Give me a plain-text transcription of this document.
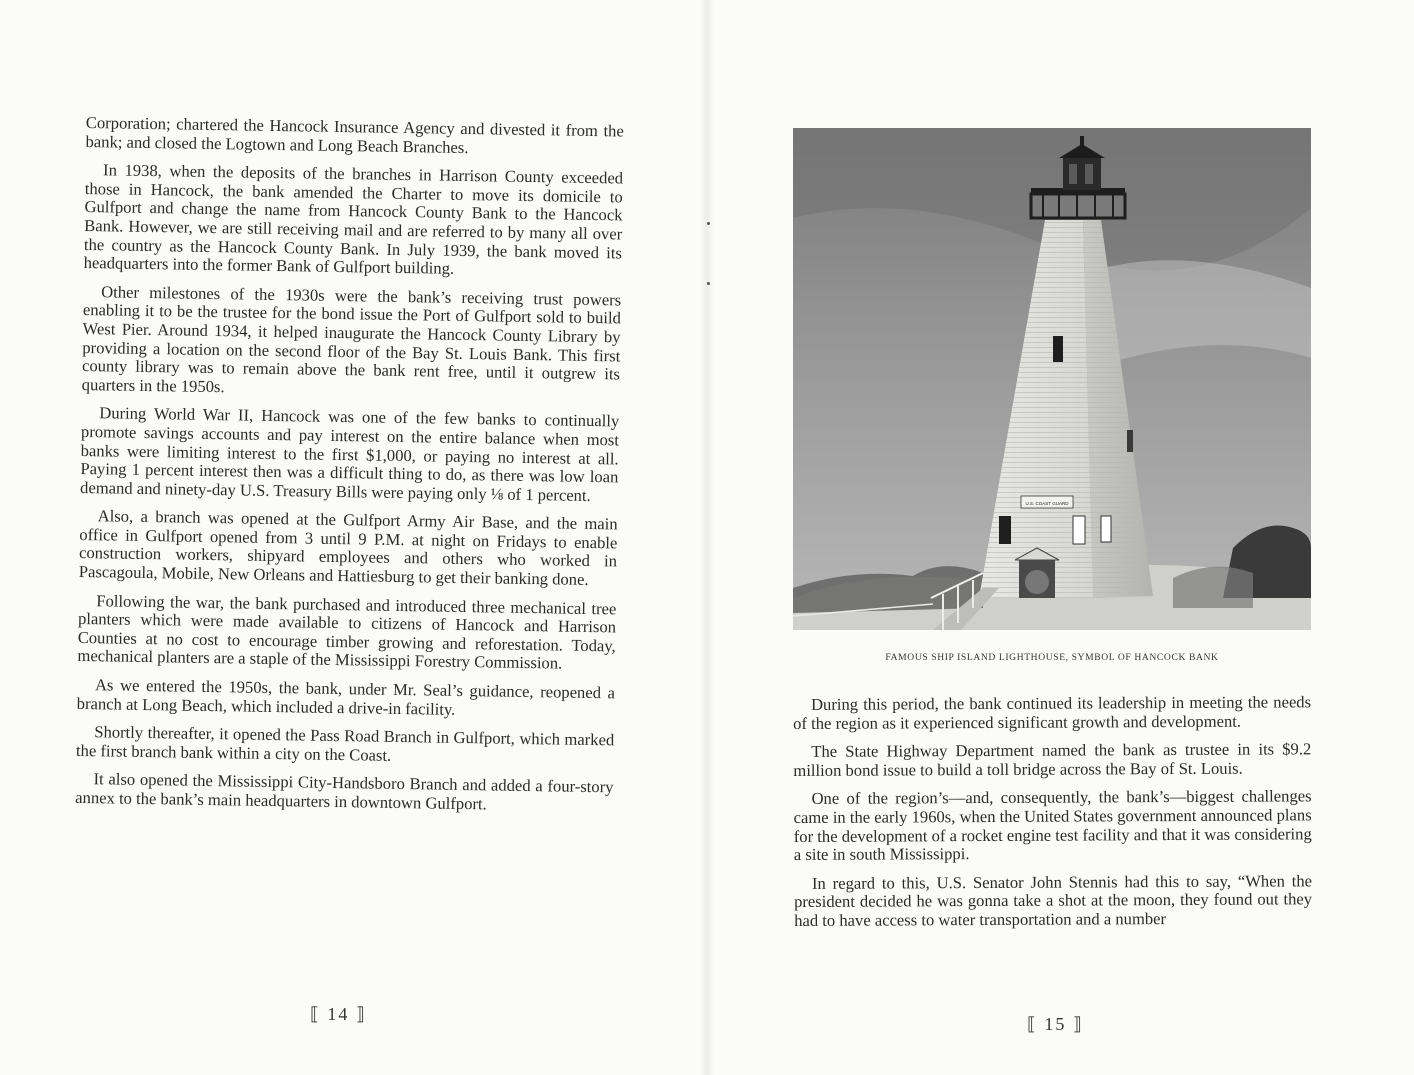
Corporation; chartered the Hancock Insurance Agency and divested it from the bank; and closed the Logtown and Long Beach Branches.

In 1938, when the deposits of the branches in Harrison County exceeded those in Hancock, the bank amended the Charter to move its domicile to Gulfport and change the name from Hancock County Bank to the Hancock Bank. However, we are still receiving mail and are referred to by many all over the country as the Hancock County Bank. In July 1939, the bank moved its headquarters into the former Bank of Gulfport building.

Other milestones of the 1930s were the bank’s receiving trust powers enabling it to be the trustee for the bond issue the Port of Gulfport sold to build West Pier. Around 1934, it helped inaugurate the Hancock County Library by providing a location on the second floor of the Bay St. Louis Bank. This first county library was to remain above the bank rent free, until it outgrew its quarters in the 1950s.

During World War II, Hancock was one of the few banks to continually promote savings accounts and pay interest on the entire balance when most banks were limiting interest to the first $1,000, or paying no interest at all. Paying 1 percent interest then was a difficult thing to do, as there was low loan demand and ninety-day U.S. Treasury Bills were paying only ⅛ of 1 percent.

Also, a branch was opened at the Gulfport Army Air Base, and the main office in Gulfport opened from 3 until 9 P.M. at night on Fridays to enable construction workers, shipyard employees and others who worked in Pascagoula, Mobile, New Orleans and Hattiesburg to get their banking done.

Following the war, the bank purchased and introduced three mechanical tree planters which were made available to citizens of Hancock and Harrison Counties at no cost to encourage timber growing and reforestation. Today, mechanical planters are a staple of the Mississippi Forestry Commission.

As we entered the 1950s, the bank, under Mr. Seal’s guidance, reopened a branch at Long Beach, which included a drive-in facility.

Shortly thereafter, it opened the Pass Road Branch in Gulfport, which marked the first branch bank within a city on the Coast.

It also opened the Mississippi City-Handsboro Branch and added a four-story annex to the bank’s main headquarters in downtown Gulfport.

⟦ 14 ⟧
U.S. COAST GUARD
FAMOUS SHIP ISLAND LIGHTHOUSE, SYMBOL OF HANCOCK BANK

During this period, the bank continued its leadership in meeting the needs of the region as it experienced significant growth and development.

The State Highway Department named the bank as trustee in its $9.2 million bond issue to build a toll bridge across the Bay of St. Louis.

One of the region’s—and, consequently, the bank’s—biggest challenges came in the early 1960s, when the United States government announced plans for the development of a rocket engine test facility and that it was considering a site in south Mississippi.

In regard to this, U.S. Senator John Stennis had this to say, “When the president decided he was gonna take a shot at the moon, they found out they had to have access to water transportation and a number

⟦ 15 ⟧
